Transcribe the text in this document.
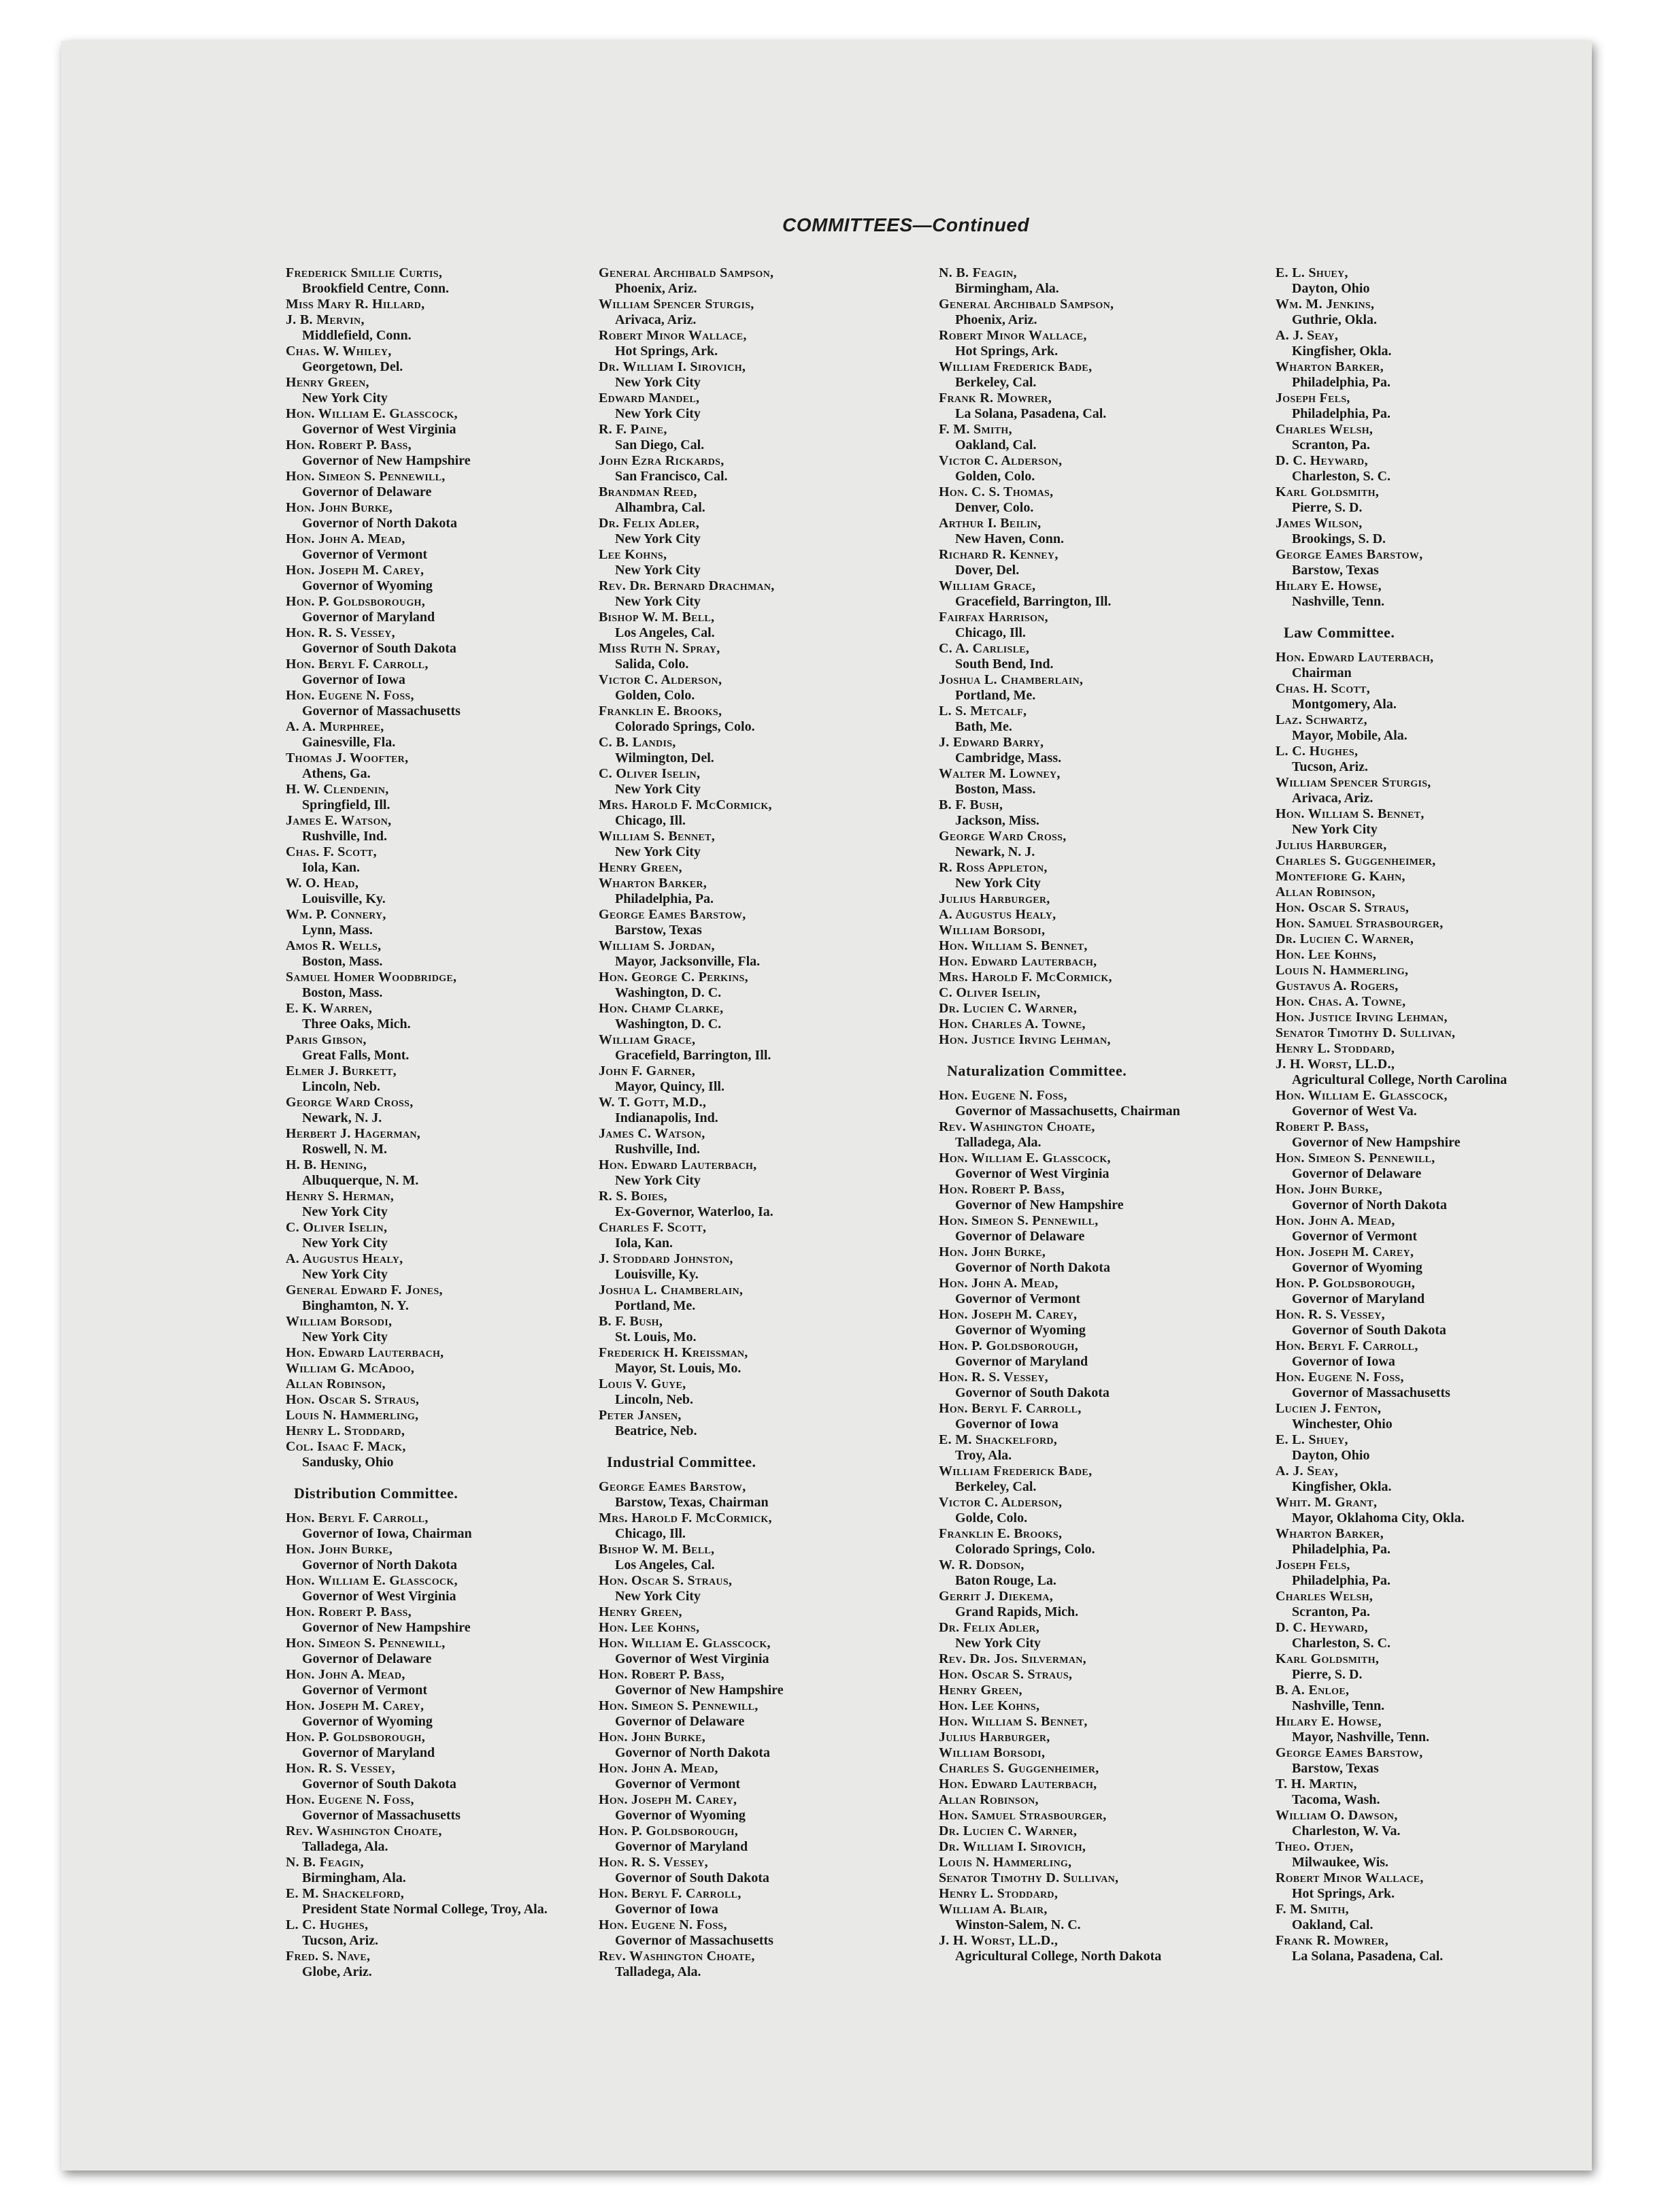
COMMITTEES—Continued
Frederick Smillie Curtis,
Brookfield Centre, Conn.
Miss Mary R. Hillard,
J. B. Mervin,
Middlefield, Conn.
Chas. W. Whiley,
Georgetown, Del.
Henry Green,
New York City
Hon. William E. Glasscock,
Governor of West Virginia
Hon. Robert P. Bass,
Governor of New Hampshire
Hon. Simeon S. Pennewill,
Governor of Delaware
Hon. John Burke,
Governor of North Dakota
Hon. John A. Mead,
Governor of Vermont
Hon. Joseph M. Carey,
Governor of Wyoming
Hon. P. Goldsborough,
Governor of Maryland
Hon. R. S. Vessey,
Governor of South Dakota
Hon. Beryl F. Carroll,
Governor of Iowa
Hon. Eugene N. Foss,
Governor of Massachusetts
A. A. Murphree,
Gainesville, Fla.
Thomas J. Woofter,
Athens, Ga.
H. W. Clendenin,
Springfield, Ill.
James E. Watson,
Rushville, Ind.
Chas. F. Scott,
Iola, Kan.
W. O. Head,
Louisville, Ky.
Wm. P. Connery,
Lynn, Mass.
Amos R. Wells,
Boston, Mass.
Samuel Homer Woodbridge,
Boston, Mass.
E. K. Warren,
Three Oaks, Mich.
Paris Gibson,
Great Falls, Mont.
Elmer J. Burkett,
Lincoln, Neb.
George Ward Cross,
Newark, N. J.
Herbert J. Hagerman,
Roswell, N. M.
H. B. Hening,
Albuquerque, N. M.
Henry S. Herman,
New York City
C. Oliver Iselin,
New York City
A. Augustus Healy,
New York City
General Edward F. Jones,
Binghamton, N. Y.
William Borsodi,
New York City
Hon. Edward Lauterbach,
William G. McAdoo,
Allan Robinson,
Hon. Oscar S. Straus,
Louis N. Hammerling,
Henry L. Stoddard,
Col. Isaac F. Mack,
Sandusky, Ohio
Distribution Committee.
Hon. Beryl F. Carroll,
Governor of Iowa, Chairman
Hon. John Burke,
Governor of North Dakota
Hon. William E. Glasscock,
Governor of West Virginia
Hon. Robert P. Bass,
Governor of New Hampshire
Hon. Simeon S. Pennewill,
Governor of Delaware
Hon. John A. Mead,
Governor of Vermont
Hon. Joseph M. Carey,
Governor of Wyoming
Hon. P. Goldsborough,
Governor of Maryland
Hon. R. S. Vessey,
Governor of South Dakota
Hon. Eugene N. Foss,
Governor of Massachusetts
Rev. Washington Choate,
Talladega, Ala.
N. B. Feagin,
Birmingham, Ala.
E. M. Shackelford,
President State Normal College, Troy, Ala.
L. C. Hughes,
Tucson, Ariz.
Fred. S. Nave,
Globe, Ariz.
General Archibald Sampson,
Phoenix, Ariz.
William Spencer Sturgis,
Arivaca, Ariz.
Robert Minor Wallace,
Hot Springs, Ark.
Dr. William I. Sirovich,
New York City
Edward Mandel,
New York City
R. F. Paine,
San Diego, Cal.
John Ezra Rickards,
San Francisco, Cal.
Brandman Reed,
Alhambra, Cal.
Dr. Felix Adler,
New York City
Lee Kohns,
New York City
Rev. Dr. Bernard Drachman,
New York City
Bishop W. M. Bell,
Los Angeles, Cal.
Miss Ruth N. Spray,
Salida, Colo.
Victor C. Alderson,
Golden, Colo.
Franklin E. Brooks,
Colorado Springs, Colo.
C. B. Landis,
Wilmington, Del.
C. Oliver Iselin,
New York City
Mrs. Harold F. McCormick,
Chicago, Ill.
William S. Bennet,
New York City
Henry Green,
Wharton Barker,
Philadelphia, Pa.
George Eames Barstow,
Barstow, Texas
William S. Jordan,
Mayor, Jacksonville, Fla.
Hon. George C. Perkins,
Washington, D. C.
Hon. Champ Clarke,
Washington, D. C.
William Grace,
Gracefield, Barrington, Ill.
John F. Garner,
Mayor, Quincy, Ill.
W. T. Gott, M.D.,
Indianapolis, Ind.
James C. Watson,
Rushville, Ind.
Hon. Edward Lauterbach,
New York City
R. S. Boies,
Ex-Governor, Waterloo, Ia.
Charles F. Scott,
Iola, Kan.
J. Stoddard Johnston,
Louisville, Ky.
Joshua L. Chamberlain,
Portland, Me.
B. F. Bush,
St. Louis, Mo.
Frederick H. Kreissman,
Mayor, St. Louis, Mo.
Louis V. Guye,
Lincoln, Neb.
Peter Jansen,
Beatrice, Neb.
Industrial Committee.
George Eames Barstow,
Barstow, Texas, Chairman
Mrs. Harold F. McCormick,
Chicago, Ill.
Bishop W. M. Bell,
Los Angeles, Cal.
Hon. Oscar S. Straus,
New York City
Henry Green,
Hon. Lee Kohns,
Hon. William E. Glasscock,
Governor of West Virginia
Hon. Robert P. Bass,
Governor of New Hampshire
Hon. Simeon S. Pennewill,
Governor of Delaware
Hon. John Burke,
Governor of North Dakota
Hon. John A. Mead,
Governor of Vermont
Hon. Joseph M. Carey,
Governor of Wyoming
Hon. P. Goldsborough,
Governor of Maryland
Hon. R. S. Vessey,
Governor of South Dakota
Hon. Beryl F. Carroll,
Governor of Iowa
Hon. Eugene N. Foss,
Governor of Massachusetts
Rev. Washington Choate,
Talladega, Ala.
N. B. Feagin,
Birmingham, Ala.
General Archibald Sampson,
Phoenix, Ariz.
Robert Minor Wallace,
Hot Springs, Ark.
William Frederick Bade,
Berkeley, Cal.
Frank R. Mowrer,
La Solana, Pasadena, Cal.
F. M. Smith,
Oakland, Cal.
Victor C. Alderson,
Golden, Colo.
Hon. C. S. Thomas,
Denver, Colo.
Arthur I. Beilin,
New Haven, Conn.
Richard R. Kenney,
Dover, Del.
William Grace,
Gracefield, Barrington, Ill.
Fairfax Harrison,
Chicago, Ill.
C. A. Carlisle,
South Bend, Ind.
Joshua L. Chamberlain,
Portland, Me.
L. S. Metcalf,
Bath, Me.
J. Edward Barry,
Cambridge, Mass.
Walter M. Lowney,
Boston, Mass.
B. F. Bush,
Jackson, Miss.
George Ward Cross,
Newark, N. J.
R. Ross Appleton,
New York City
Julius Harburger,
A. Augustus Healy,
William Borsodi,
Hon. William S. Bennet,
Hon. Edward Lauterbach,
Mrs. Harold F. McCormick,
C. Oliver Iselin,
Dr. Lucien C. Warner,
Hon. Charles A. Towne,
Hon. Justice Irving Lehman,
Naturalization Committee.
Hon. Eugene N. Foss,
Governor of Massachusetts, Chairman
Rev. Washington Choate,
Talladega, Ala.
Hon. William E. Glasscock,
Governor of West Virginia
Hon. Robert P. Bass,
Governor of New Hampshire
Hon. Simeon S. Pennewill,
Governor of Delaware
Hon. John Burke,
Governor of North Dakota
Hon. John A. Mead,
Governor of Vermont
Hon. Joseph M. Carey,
Governor of Wyoming
Hon. P. Goldsborough,
Governor of Maryland
Hon. R. S. Vessey,
Governor of South Dakota
Hon. Beryl F. Carroll,
Governor of Iowa
E. M. Shackelford,
Troy, Ala.
William Frederick Bade,
Berkeley, Cal.
Victor C. Alderson,
Golde, Colo.
Franklin E. Brooks,
Colorado Springs, Colo.
W. R. Dodson,
Baton Rouge, La.
Gerrit J. Diekema,
Grand Rapids, Mich.
Dr. Felix Adler,
New York City
Rev. Dr. Jos. Silverman,
Hon. Oscar S. Straus,
Henry Green,
Hon. Lee Kohns,
Hon. William S. Bennet,
Julius Harburger,
William Borsodi,
Charles S. Guggenheimer,
Hon. Edward Lauterbach,
Allan Robinson,
Hon. Samuel Strasbourger,
Dr. Lucien C. Warner,
Dr. William I. Sirovich,
Louis N. Hammerling,
Senator Timothy D. Sullivan,
Henry L. Stoddard,
William A. Blair,
Winston-Salem, N. C.
J. H. Worst, LL.D.,
Agricultural College, North Dakota
E. L. Shuey,
Dayton, Ohio
Wm. M. Jenkins,
Guthrie, Okla.
A. J. Seay,
Kingfisher, Okla.
Wharton Barker,
Philadelphia, Pa.
Joseph Fels,
Philadelphia, Pa.
Charles Welsh,
Scranton, Pa.
D. C. Heyward,
Charleston, S. C.
Karl Goldsmith,
Pierre, S. D.
James Wilson,
Brookings, S. D.
George Eames Barstow,
Barstow, Texas
Hilary E. Howse,
Nashville, Tenn.
Law Committee.
Hon. Edward Lauterbach,
Chairman
Chas. H. Scott,
Montgomery, Ala.
Laz. Schwartz,
Mayor, Mobile, Ala.
L. C. Hughes,
Tucson, Ariz.
William Spencer Sturgis,
Arivaca, Ariz.
Hon. William S. Bennet,
New York City
Julius Harburger,
Charles S. Guggenheimer,
Montefiore G. Kahn,
Allan Robinson,
Hon. Oscar S. Straus,
Hon. Samuel Strasbourger,
Dr. Lucien C. Warner,
Hon. Lee Kohns,
Louis N. Hammerling,
Gustavus A. Rogers,
Hon. Chas. A. Towne,
Hon. Justice Irving Lehman,
Senator Timothy D. Sullivan,
Henry L. Stoddard,
J. H. Worst, LL.D.,
Agricultural College, North Carolina
Hon. William E. Glasscock,
Governor of West Va.
Robert P. Bass,
Governor of New Hampshire
Hon. Simeon S. Pennewill,
Governor of Delaware
Hon. John Burke,
Governor of North Dakota
Hon. John A. Mead,
Governor of Vermont
Hon. Joseph M. Carey,
Governor of Wyoming
Hon. P. Goldsborough,
Governor of Maryland
Hon. R. S. Vessey,
Governor of South Dakota
Hon. Beryl F. Carroll,
Governor of Iowa
Hon. Eugene N. Foss,
Governor of Massachusetts
Lucien J. Fenton,
Winchester, Ohio
E. L. Shuey,
Dayton, Ohio
A. J. Seay,
Kingfisher, Okla.
Whit. M. Grant,
Mayor, Oklahoma City, Okla.
Wharton Barker,
Philadelphia, Pa.
Joseph Fels,
Philadelphia, Pa.
Charles Welsh,
Scranton, Pa.
D. C. Heyward,
Charleston, S. C.
Karl Goldsmith,
Pierre, S. D.
B. A. Enloe,
Nashville, Tenn.
Hilary E. Howse,
Mayor, Nashville, Tenn.
George Eames Barstow,
Barstow, Texas
T. H. Martin,
Tacoma, Wash.
William O. Dawson,
Charleston, W. Va.
Theo. Otjen,
Milwaukee, Wis.
Robert Minor Wallace,
Hot Springs, Ark.
F. M. Smith,
Oakland, Cal.
Frank R. Mowrer,
La Solana, Pasadena, Cal.
